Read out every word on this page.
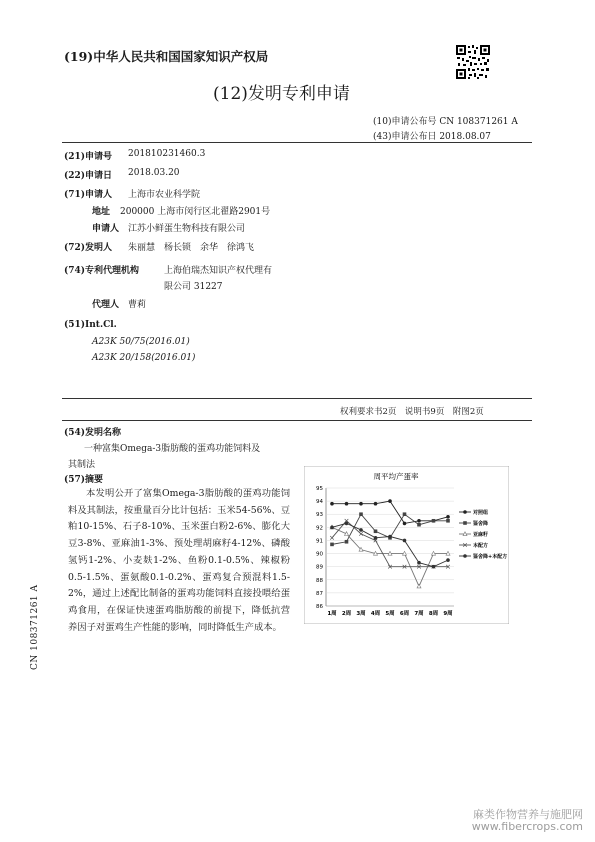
(19)中华人民共和国国家知识产权局
(12)发明专利申请
(10)申请公布号 CN 108371261 A
(43)申请公布日 2018.08.07
(21)申请号 201810231460.3
(22)申请日 2018.03.20
(71)申请人 上海市农业科学院
地址 200000 上海市闵行区北翟路2901号
申请人 江苏小鲜蛋生物科技有限公司
(72)发明人 朱丽慧　杨长锁　余华　徐鸿飞
(74)专利代理机构	上海伯瑞杰知识产权代理有
限公司 31227
代理人 曹莉
(51)Int.Cl.
A23K 50/75(2016.01)
A23K 20/158(2016.01)
权利要求书2页　说明书9页　附图2页
(54)发明名称
一种富集Omega-3脂肪酸的蛋鸡功能饲料及
其制法
(57)摘要
本发明公开了富集Omega-3脂肪酸的蛋鸡功能饲料及其制法，按重量百分比计包括：玉米54-56%、豆粕10-15%、石子8-10%、玉米蛋白粉2-6%、膨化大豆3-8%、亚麻油1-3%、预处理胡麻籽4-12%、磷酸氢钙1-2%、小麦麸1-2%、鱼粉0.1-0.5%、辣椒粉0.5-1.5%、蛋氨酸0.1-0.2%、蛋鸡复合预混料1.5-2%，通过上述配比制备的蛋鸡功能饲料直接投喂给蛋鸡食用，在保证快速蛋鸡脂肪酸的前提下，降低抗营养因子对蛋鸡生产性能的影响，同时降低生产成本。
周平均产蛋率
86
87
88
89
90
91
92
93
94
95
1周 2周 3周 4周 5周 6周 7周 8周 9周
对照组
鉴舍降
亚麻籽
本配方
鉴舍降+本配方
CN 108371261 A
麻类作物营养与施肥网
www.fibercrops.com
